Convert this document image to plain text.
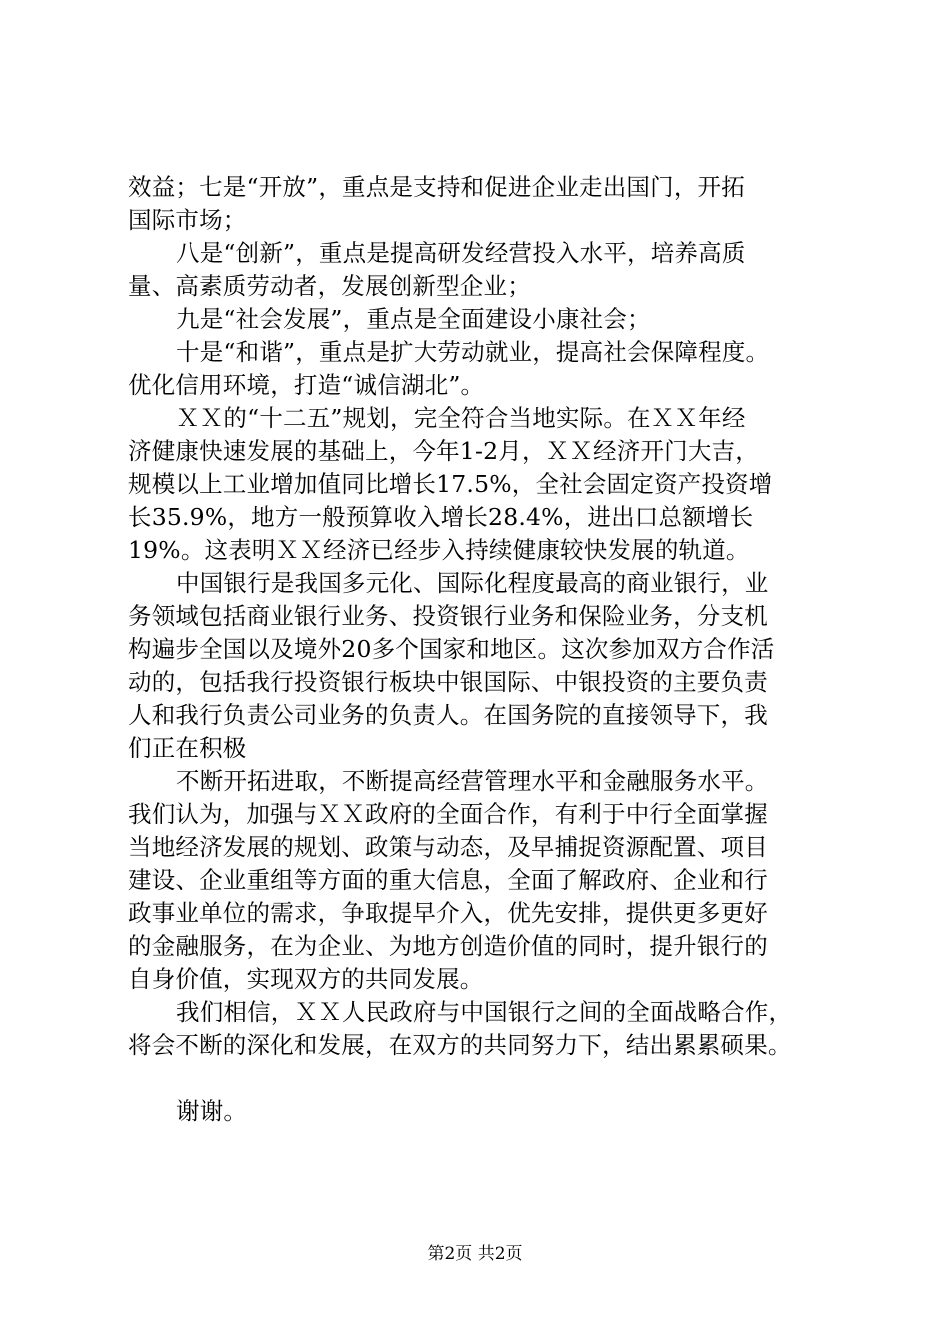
效益；七是“开放”，重点是支持和促进企业走出国门，开拓
国际市场；
八是“创新”，重点是提高研发经营投入水平，培养高质
量、高素质劳动者，发展创新型企业；
九是“社会发展”，重点是全面建设小康社会；
十是“和谐”，重点是扩大劳动就业，提高社会保障程度。
优化信用环境，打造“诚信湖北”。
ＸＸ的“十二五”规划，完全符合当地实际。在ＸＸ年经
济健康快速发展的基础上，今年1-2月，ＸＸ经济开门大吉，
规模以上工业增加值同比增长17.5%，全社会固定资产投资增
长35.9%，地方一般预算收入增长28.4%，进出口总额增长
19%。这表明ＸＸ经济已经步入持续健康较快发展的轨道。
中国银行是我国多元化、国际化程度最高的商业银行，业
务领域包括商业银行业务、投资银行业务和保险业务，分支机
构遍步全国以及境外20多个国家和地区。这次参加双方合作活
动的，包括我行投资银行板块中银国际、中银投资的主要负责
人和我行负责公司业务的负责人。在国务院的直接领导下，我
们正在积极
不断开拓进取，不断提高经营管理水平和金融服务水平。
我们认为，加强与ＸＸ政府的全面合作，有利于中行全面掌握
当地经济发展的规划、政策与动态，及早捕捉资源配置、项目
建设、企业重组等方面的重大信息，全面了解政府、企业和行
政事业单位的需求，争取提早介入，优先安排，提供更多更好
的金融服务，在为企业、为地方创造价值的同时，提升银行的
自身价值，实现双方的共同发展。
我们相信，ＸＸ人民政府与中国银行之间的全面战略合作，
将会不断的深化和发展，在双方的共同努力下，结出累累硕果。
谢谢。
第2页 共2页
